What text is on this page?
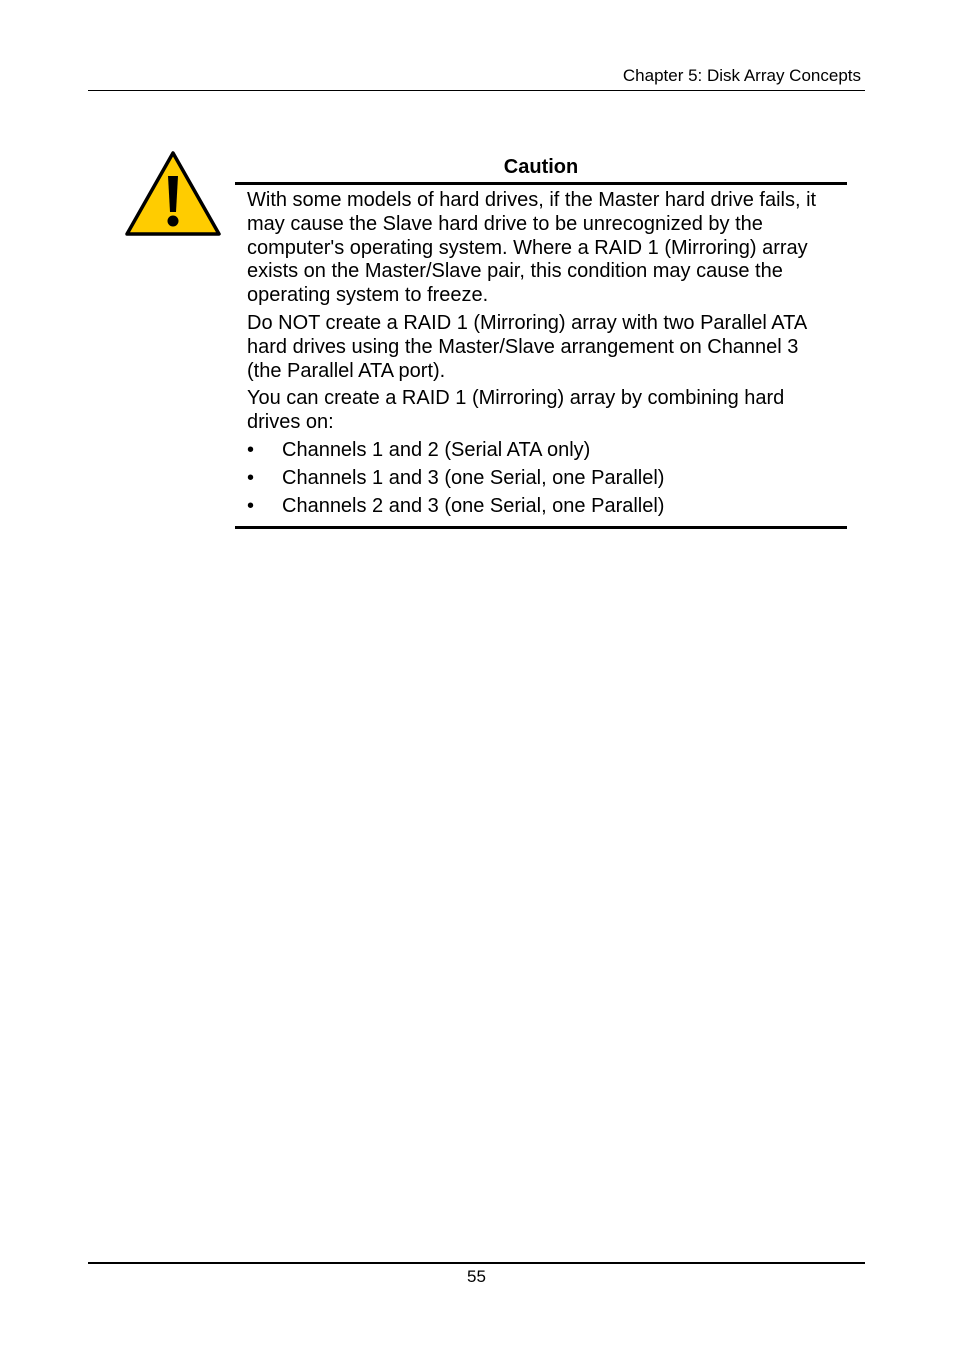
Chapter 5: Disk Array Concepts
Caution

With some models of hard drives, if the Master hard drive fails, it may cause the Slave hard drive to be unrecognized by the computer's operating system. Where a RAID 1 (Mirroring) array exists on the Master/Slave pair, this condition may cause the operating system to freeze.

Do NOT create a RAID 1 (Mirroring) array with two Parallel ATA hard drives using the Master/Slave arrangement on Channel 3 (the Parallel ATA port).

You can create a RAID 1 (Mirroring) array by combining hard drives on:

• Channels 1 and 2 (Serial ATA only)
• Channels 1 and 3 (one Serial, one Parallel)
• Channels 2 and 3 (one Serial, one Parallel)
55
